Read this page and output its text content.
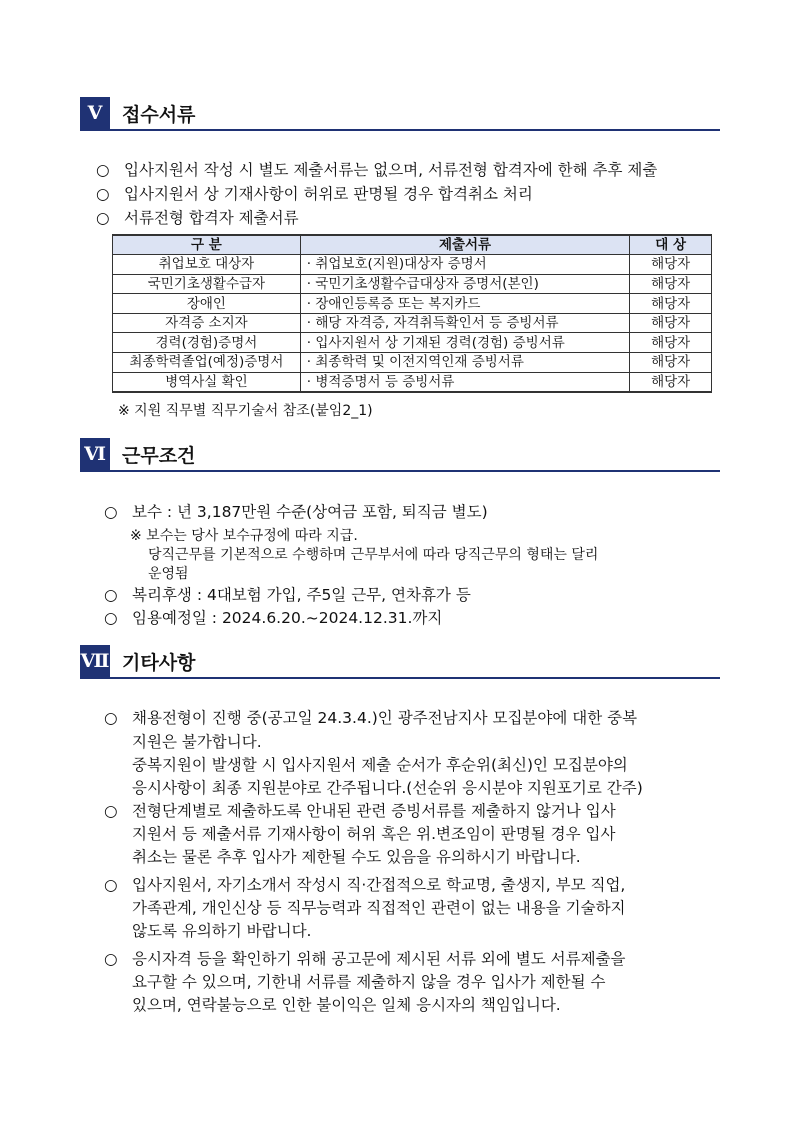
Ⅴ	접수서류
○ 입사지원서 작성 시 별도 제출서류는 없으며, 서류전형 합격자에 한해 추후 제출
○ 입사지원서 상 기재사항이 허위로 판명될 경우 합격취소 처리
○ 서류전형 합격자 제출서류
구 분	제출서류	대 상
취업보호 대상자	· 취업보호(지원)대상자 증명서	해당자
국민기초생활수급자	· 국민기초생활수급대상자 증명서(본인)	해당자
장애인	· 장애인등록증 또는 복지카드	해당자
자격증 소지자	· 해당 자격증, 자격취득확인서 등 증빙서류	해당자
경력(경험)증명서	· 입사지원서 상 기재된 경력(경험) 증빙서류	해당자
최종학력졸업(예정)증명서	· 최종학력 및 이전지역인재 증빙서류	해당자
병역사실 확인	· 병적증명서 등 증빙서류	해당자
※ 지원 직무별 직무기술서 참조(붙임2_1)
Ⅵ 근무조건
○ 보수 : 년 3,187만원 수준(상여금 포함, 퇴직금 별도)
※ 보수는 당사 보수규정에 따라 지급.
당직근무를 기본적으로 수행하며 근무부서에 따라 당직근무의 형태는 달리
운영됨
○ 복리후생 : 4대보험 가입, 주5일 근무, 연차휴가 등
○ 임용예정일 : 2024.6.20.~2024.12.31.까지
Ⅶ 기타사항
○ 채용전형이 진행 중(공고일 24.3.4.)인 광주전남지사 모집분야에 대한 중복
지원은 불가합니다.
중복지원이 발생할 시 입사지원서 제출 순서가 후순위(최신)인 모집분야의
응시사항이 최종 지원분야로 간주됩니다.(선순위 응시분야 지원포기로 간주)
○ 전형단계별로 제출하도록 안내된 관련 증빙서류를 제출하지 않거나 입사
지원서 등 제출서류 기재사항이 허위 혹은 위.변조임이 판명될 경우 입사
취소는 물론 추후 입사가 제한될 수도 있음을 유의하시기 바랍니다.
○ 입사지원서, 자기소개서 작성시 직·간접적으로 학교명, 출생지, 부모 직업,
가족관계, 개인신상 등 직무능력과 직접적인 관련이 없는 내용을 기술하지
않도록 유의하기 바랍니다.
○ 응시자격 등을 확인하기 위해 공고문에 제시된 서류 외에 별도 서류제출을
요구할 수 있으며, 기한내 서류를 제출하지 않을 경우 입사가 제한될 수
있으며, 연락불능으로 인한 불이익은 일체 응시자의 책임입니다.
